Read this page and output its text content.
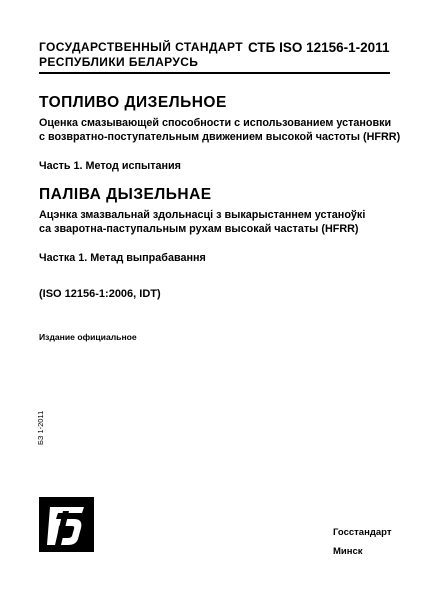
ГОСУДАРСТВЕННЫЙ СТАНДАРТ
РЕСПУБЛИКИ БЕЛАРУСЬ
СТБ ISO 12156-1-2011
ТОПЛИВО ДИЗЕЛЬНОЕ
Оценка смазывающей способности с использованием установки
с возвратно-поступательным движением высокой частоты (HFRR)
Часть 1. Метод испытания
ПАЛІВА ДЫЗЕЛЬНАЕ
Ацэнка змазвальнай здольнасці з выкарыстаннем устаноўкі
са зваротна-паступальным рухам высокай частаты (HFRR)
Частка 1. Метад выпрабавання
(ISO 12156-1:2006, IDT)
Издание официальное
БЗ 1-2011
Госстандарт
Минск
